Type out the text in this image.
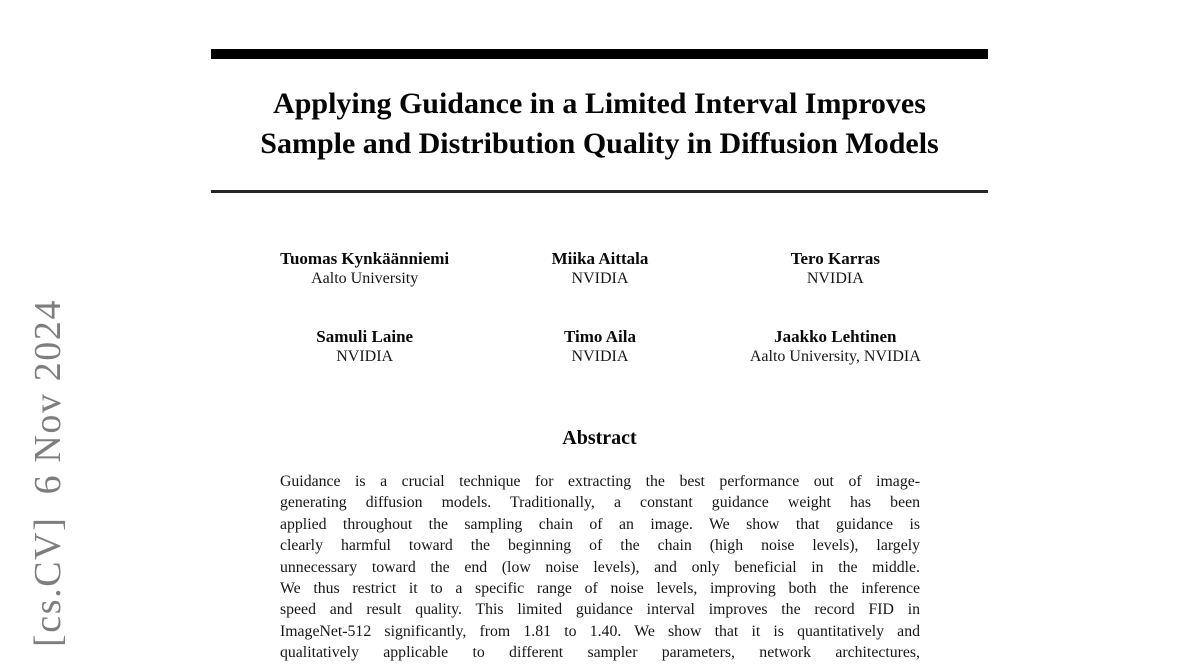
[cs.CV]  6 Nov 2024
Applying Guidance in a Limited Interval Improves
Sample and Distribution Quality in Diffusion Models
Tuomas Kynkäänniemi
Aalto University
Miika Aittala
NVIDIA
Tero Karras
NVIDIA
Samuli Laine
NVIDIA
Timo Aila
NVIDIA
Jaakko Lehtinen
Aalto University, NVIDIA
Abstract
Guidance is a crucial technique for extracting the best performance out of image-
generating diffusion models. Traditionally, a constant guidance weight has been
applied throughout the sampling chain of an image. We show that guidance is
clearly harmful toward the beginning of the chain (high noise levels), largely
unnecessary toward the end (low noise levels), and only beneficial in the middle.
We thus restrict it to a specific range of noise levels, improving both the inference
speed and result quality. This limited guidance interval improves the record FID in
ImageNet-512 significantly, from 1.81 to 1.40. We show that it is quantitatively and
qualitatively applicable to different sampler parameters, network architectures,
